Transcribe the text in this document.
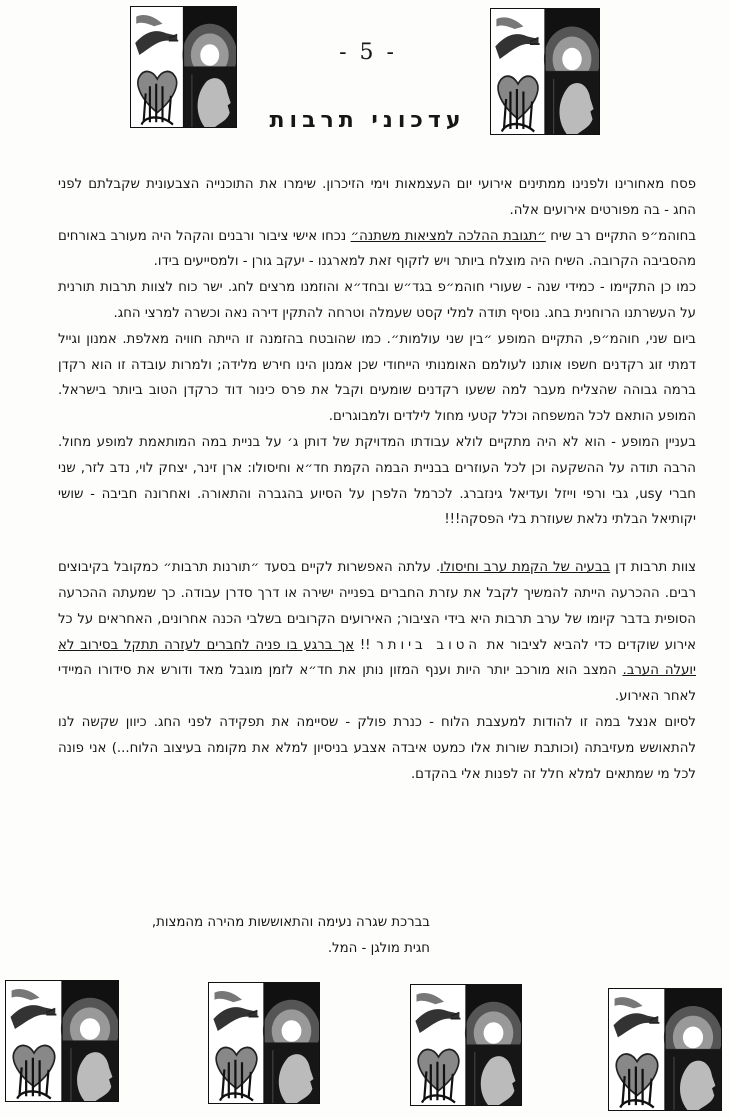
- 5 -
עדכוני תרבות

פסח מאחורינו ולפנינו ממתינים אירועי יום העצמאות וימי הזיכרון. שימרו את התוכנייה הצבעונית שקבלתם לפני החג - בה מפורטים אירועים אלה.

בחוהמ״פ התקיים רב שיח ״תגובת ההלכה למציאות משתנה״ נכחו אישי ציבור ורבנים והקהל היה מעורב באורחים מהסביבה הקרובה. השיח היה מוצלח ביותר ויש לזקוף זאת למארגנו - יעקב גורן - ולמסייעים בידו.

כמו כן התקיימו - כמידי שנה - שעורי חוהמ״פ בגד״ש ובחד״א והוזמנו מרצים לחג. ישר כוח לצוות תרבות תורנית על העשרתנו הרוחנית בחג. נוסיף תודה למלי קסט שעמלה וטרחה להתקין דירה נאה וכשרה למרצי החג.

ביום שני, חוהמ״פ, התקיים המופע ״בין שני עולמות״. כמו שהובטח בהזמנה זו הייתה חוויה מאלפת. אמנון וגייל דמתי זוג רקדנים חשפו אותנו לעולמם האומנותי הייחודי שכן אמנון הינו חירש מלידה; ולמרות עובדה זו הוא רקדן ברמה גבוהה שהצליח מעבר למה ששעו רקדנים שומעים וקבל את פרס כינור דוד כרקדן הטוב ביותר בישראל. המופע הותאם לכל המשפחה וכלל קטעי מחול לילדים ולמבוגרים.

בעניין המופע - הוא לא היה מתקיים לולא עבודתו המדויקת של דותן ג׳ על בניית במה המותאמת למופע מחול. הרבה תודה על ההשקעה וכן לכל העוזרים בבניית הבמה הקמת חד״א וחיסולו: ארן זינר, יצחק לוי, נדב לזר, שני חברי usy, גבי ורפי וייזל ועדיאל גינזברג. לכרמל הלפרן על הסיוע בהגברה והתאורה. ואחרונה חביבה - שושי יקותיאל הבלתי נלאת שעוזרת בלי הפסקה!!!

צוות תרבות דן בבעיה של הקמת ערב וחיסולו. עלתה האפשרות לקיים בסעד ״תורנות תרבות״ כמקובל בקיבוצים רבים. ההכרעה הייתה להמשיך לקבל את עזרת החברים בפנייה ישירה או דרך סדרן עבודה. כך שמעתה ההכרעה הסופית בדבר קיומו של ערב תרבות היא בידי הציבור; האירועים הקרובים בשלבי הכנה אחרונים, האחראים על כל אירוע שוקדים כדי להביא לציבור את הטוב ביותר !! אך ברגע בו פניה לחברים לעזרה תתקל בסירוב לא יועלה הערב. המצב הוא מורכב יותר היות וענף המזון נותן את חד״א לזמן מוגבל מאד ודורש את סידורו המיידי לאחר האירוע.

לסיום אנצל במה זו להודות למעצבת הלוח - כנרת פולק - שסיימה את תפקידה לפני החג. כיוון שקשה לנו להתאושש מעזיבתה (וכותבת שורות אלו כמעט איבדה אצבע בניסיון למלא את מקומה בעיצוב הלוח...) אני פונה לכל מי שמתאים למלא חלל זה לפנות אלי בהקדם.

בברכת שגרה נעימה והתאוששות מהירה מהמצות,
חגית מולגן - המל.
